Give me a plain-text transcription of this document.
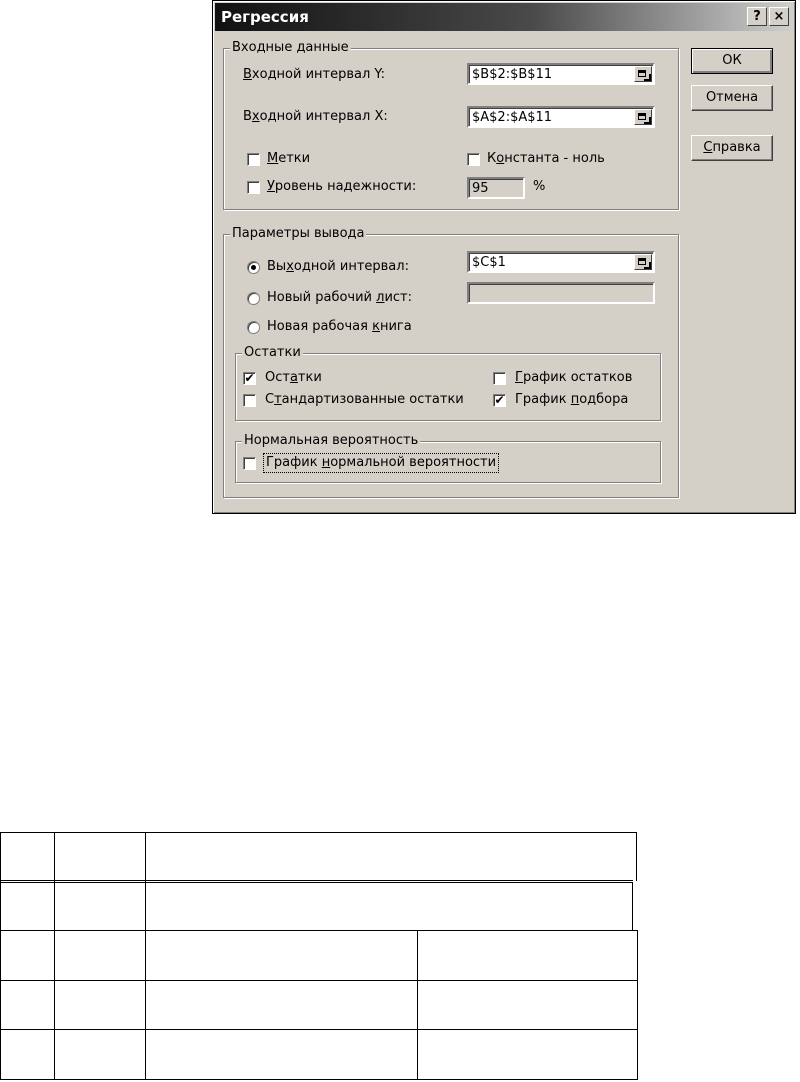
Регрессия	? ×
Входные данные
Входной интервал Y:	$B$2:$B$11
Входной интервал X:	$A$2:$A$11
Метки	Константа - ноль
Уровень надежности:	95	%
Параметры вывода
Выходной интервал:	$C$1
Новый рабочий лист:
Новая рабочая книга
Остатки
✔ Остатки
Стандартизованные остатки
График остатков
✔ График подбора
Нормальная вероятность
График нормальной вероятности
ОК
Отмена
Справка
